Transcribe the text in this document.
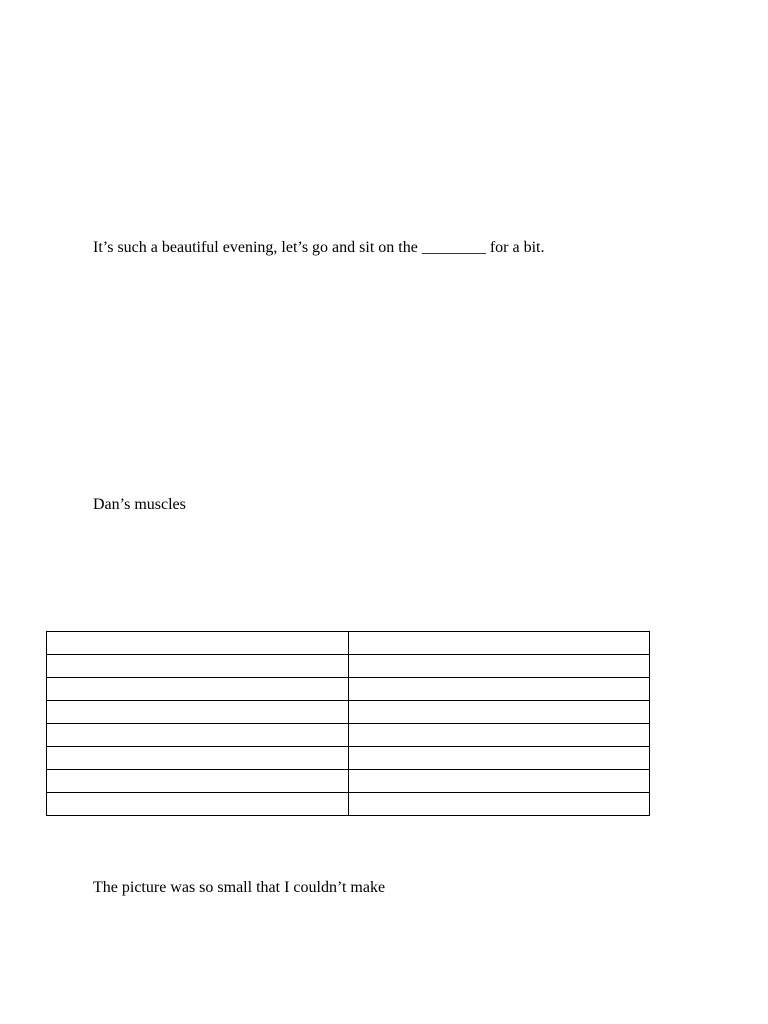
It’s such a beautiful evening, let’s go and sit on the ________ for a bit.
Dan’s muscles

The picture was so small that I couldn’t make
